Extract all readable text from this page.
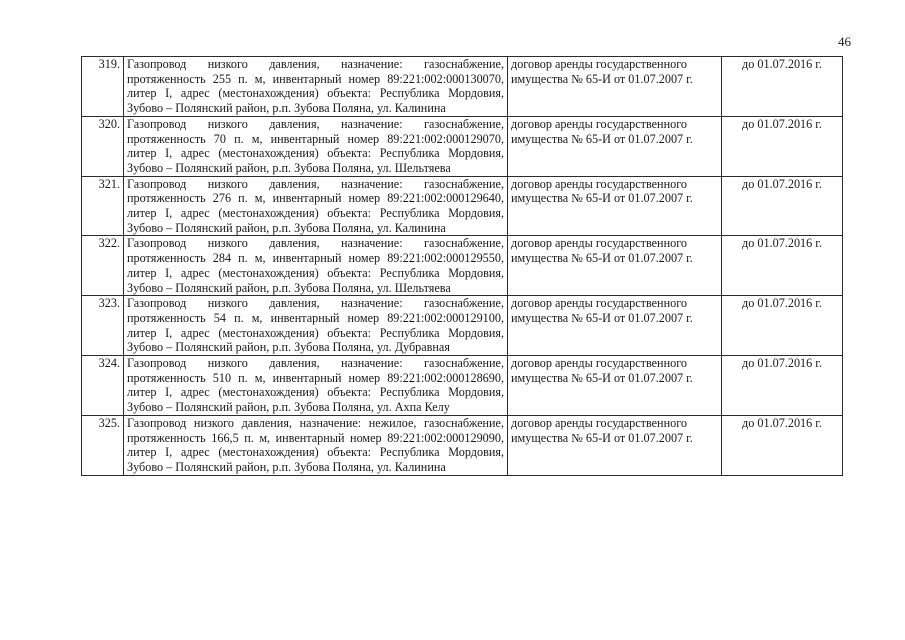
46
319.	Газопровод низкого давления, назначение: газоснабжение, протяженность 255 п. м, инвентарный номер 89:221:002:000130070, литер I, адрес (местонахождения) объекта: Республика Мордовия, Зубово – Полянский район, р.п. Зубова Поляна, ул. Калинина	договор аренды государственного имущества № 65-И от 01.07.2007 г.	до 01.07.2016 г.
320.	Газопровод низкого давления, назначение: газоснабжение, протяженность 70 п. м, инвентарный номер 89:221:002:000129070, литер I, адрес (местонахождения) объекта: Республика Мордовия, Зубово – Полянский район, р.п. Зубова Поляна, ул. Шельтяева	договор аренды государственного имущества № 65-И от 01.07.2007 г.	до 01.07.2016 г.
321.	Газопровод низкого давления, назначение: газоснабжение, протяженность 276 п. м, инвентарный номер 89:221:002:000129640, литер I, адрес (местонахождения) объекта: Республика Мордовия, Зубово – Полянский район, р.п. Зубова Поляна, ул. Калинина	договор аренды государственного имущества № 65-И от 01.07.2007 г.	до 01.07.2016 г.
322.	Газопровод низкого давления, назначение: газоснабжение, протяженность 284 п. м, инвентарный номер 89:221:002:000129550, литер I, адрес (местонахождения) объекта: Республика Мордовия, Зубово – Полянский район, р.п. Зубова Поляна, ул. Шельтяева	договор аренды государственного имущества № 65-И от 01.07.2007 г.	до 01.07.2016 г.
323.	Газопровод низкого давления, назначение: газоснабжение, протяженность 54 п. м, инвентарный номер 89:221:002:000129100, литер I, адрес (местонахождения) объекта: Республика Мордовия, Зубово – Полянский район, р.п. Зубова Поляна, ул. Дубравная	договор аренды государственного имущества № 65-И от 01.07.2007 г.	до 01.07.2016 г.
324.	Газопровод низкого давления, назначение: газоснабжение, протяженность 510 п. м, инвентарный номер 89:221:002:000128690, литер I, адрес (местонахождения) объекта: Республика Мордовия, Зубово – Полянский район, р.п. Зубова Поляна, ул. Ахпа Келу	договор аренды государственного имущества № 65-И от 01.07.2007 г.	до 01.07.2016 г.
325.	Газопровод низкого давления, назначение: нежилое, газоснабжение, протяженность 166,5 п. м, инвентарный номер 89:221:002:000129090, литер I, адрес (местонахождения) объекта: Республика Мордовия, Зубово – Полянский район, р.п. Зубова Поляна, ул. Калинина	договор аренды государственного имущества № 65-И от 01.07.2007 г.	до 01.07.2016 г.
